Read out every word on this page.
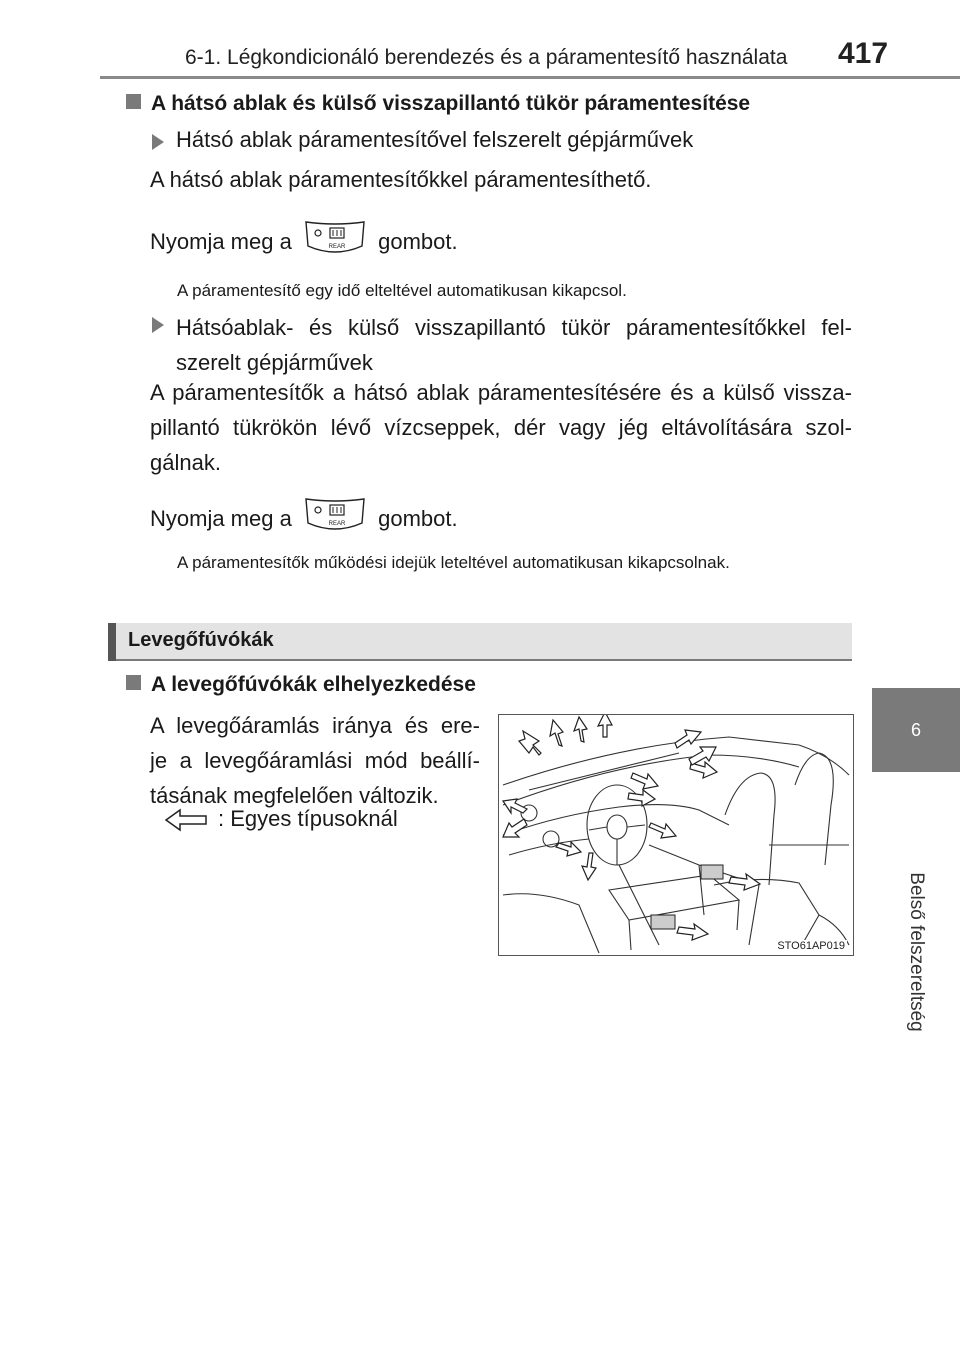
6-1. Légkondicionáló berendezés és a páramentesítő használata 417
6
Belső felszereltség
A hátsó ablak és külső visszapillantó tükör páramentesítése
Hátsó ablak páramentesítővel felszerelt gépjárművek
A hátsó ablak páramentesítőkkel páramentesíthető.
Nyomja meg a	REAR gombot.
A páramentesítő egy idő elteltével automatikusan kikapcsol.
Hátsóablak- és külső visszapillantó tükör páramentesítőkkel fel-
szerelt gépjárművek
A páramentesítők a hátsó ablak páramentesítésére és a külső vissza-
pillantó tükrökön lévő vízcseppek, dér vagy jég eltávolítására szol-
gálnak.
Nyomja meg a	REAR gombot.
A páramentesítők működési idejük leteltével automatikusan kikapcsolnak.
Levegőfúvókák
A levegőfúvókák elhelyezkedése
A levegőáramlás iránya és ere-
je a levegőáramlási mód beállí-
tásának megfelelően változik.
: Egyes típusoknál
STO61AP019
